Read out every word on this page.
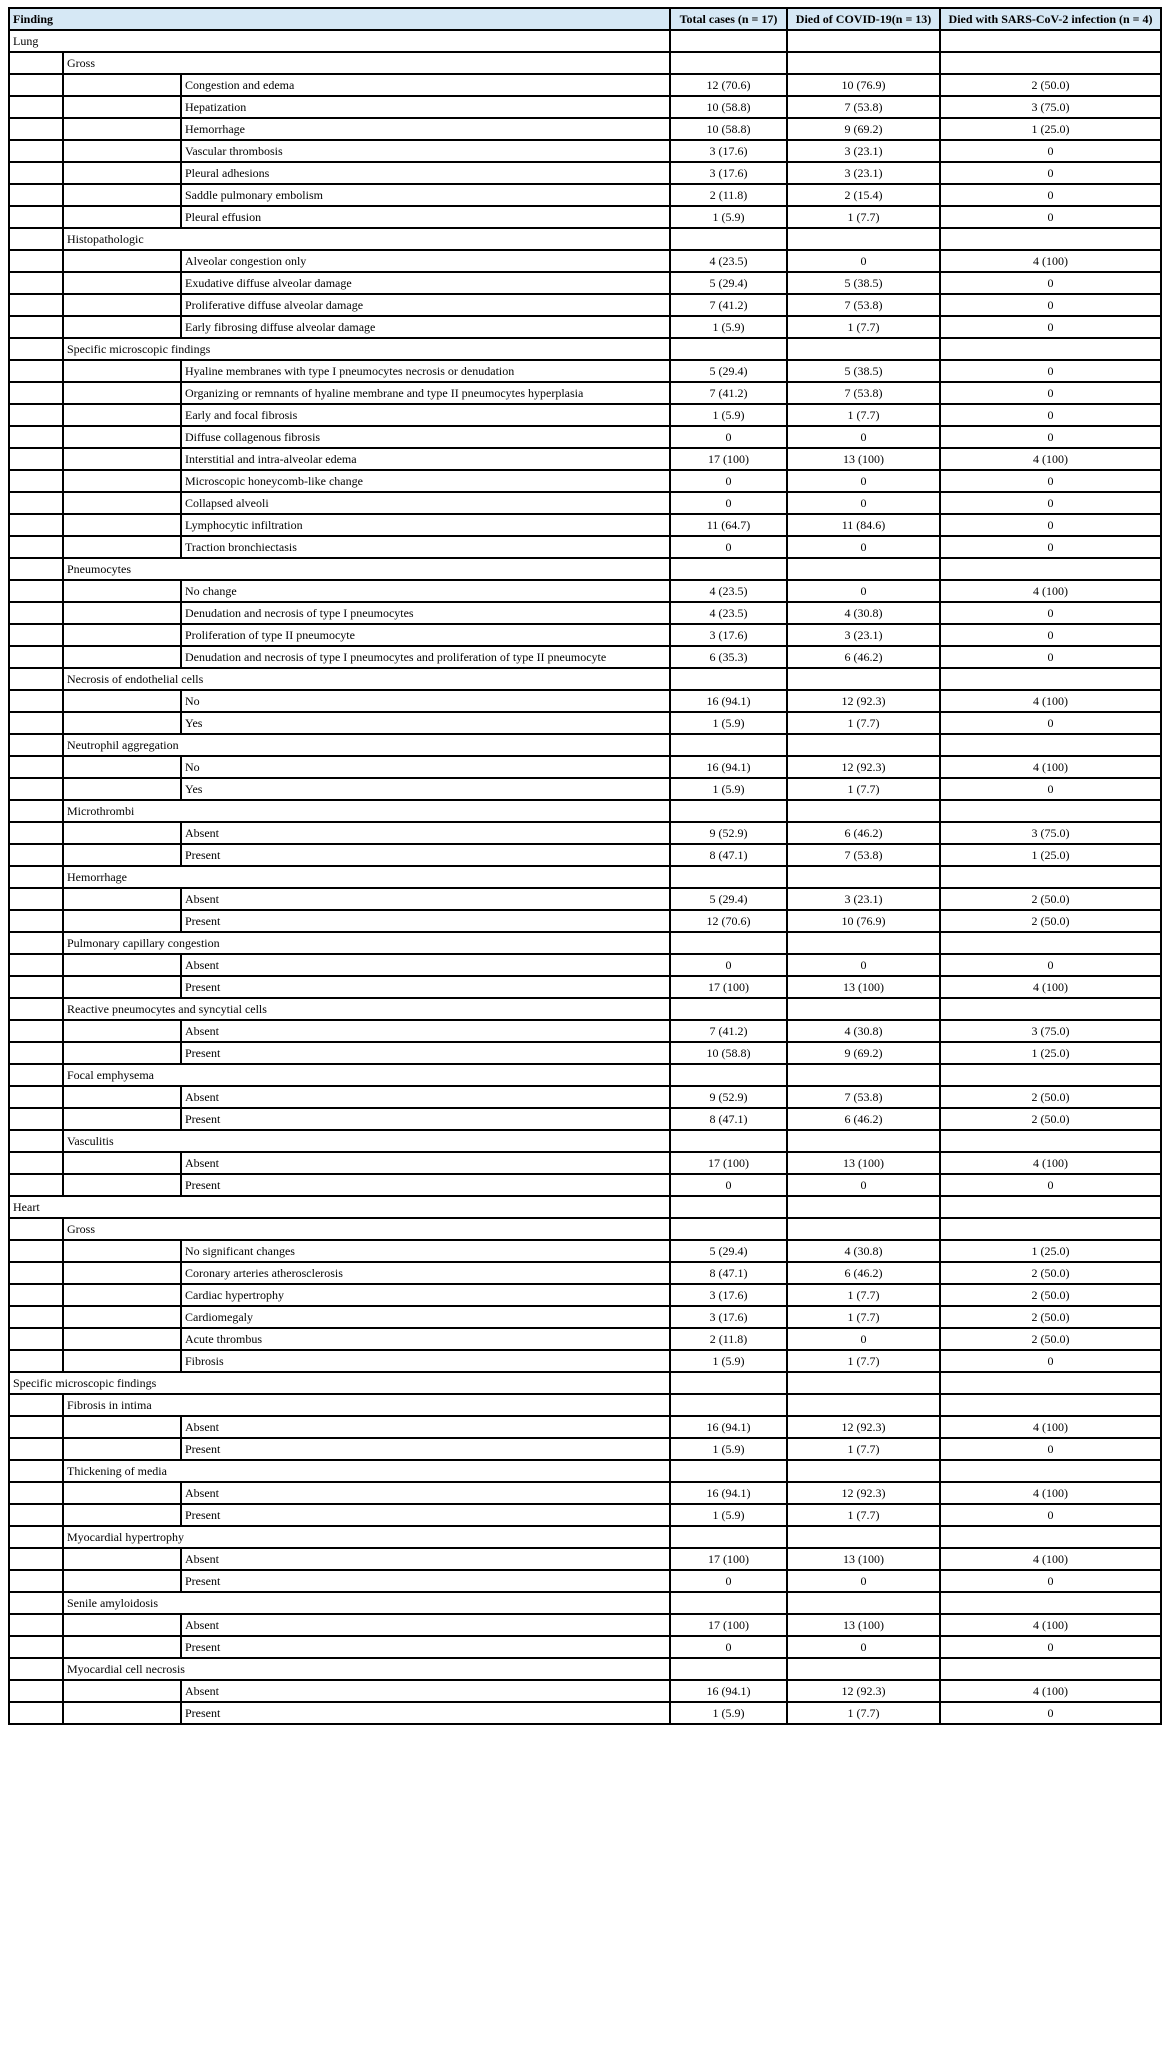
Finding			Total cases (n = 17)	Died of COVID-19(n = 13)	Died with SARS-CoV-2 infection (n = 4)
Lung					
	Gross				
		Congestion and edema	12 (70.6)	10 (76.9)	2 (50.0)
		Hepatization	10 (58.8)	7 (53.8)	3 (75.0)
		Hemorrhage	10 (58.8)	9 (69.2)	1 (25.0)
		Vascular thrombosis	3 (17.6)	3 (23.1)	0
		Pleural adhesions	3 (17.6)	3 (23.1)	0
		Saddle pulmonary embolism	2 (11.8)	2 (15.4)	0
		Pleural effusion	1 (5.9)	1 (7.7)	0
	Histopathologic				
		Alveolar congestion only	4 (23.5)	0	4 (100)
		Exudative diffuse alveolar damage	5 (29.4)	5 (38.5)	0
		Proliferative diffuse alveolar damage	7 (41.2)	7 (53.8)	0
		Early fibrosing diffuse alveolar damage	1 (5.9)	1 (7.7)	0
	Specific microscopic findings				
		Hyaline membranes with type I pneumocytes necrosis or denudation	5 (29.4)	5 (38.5)	0
		Organizing or remnants of hyaline membrane and type II pneumocytes hyperplasia	7 (41.2)	7 (53.8)	0
		Early and focal fibrosis	1 (5.9)	1 (7.7)	0
		Diffuse collagenous fibrosis	0	0	0
		Interstitial and intra-alveolar edema	17 (100)	13 (100)	4 (100)
		Microscopic honeycomb-like change	0	0	0
		Collapsed alveoli	0	0	0
		Lymphocytic infiltration	11 (64.7)	11 (84.6)	0
		Traction bronchiectasis	0	0	0
	Pneumocytes				
		No change	4 (23.5)	0	4 (100)
		Denudation and necrosis of type I pneumocytes	4 (23.5)	4 (30.8)	0
		Proliferation of type II pneumocyte	3 (17.6)	3 (23.1)	0
		Denudation and necrosis of type I pneumocytes and proliferation of type II pneumocyte	6 (35.3)	6 (46.2)	0
	Necrosis of endothelial cells				
		No	16 (94.1)	12 (92.3)	4 (100)
		Yes	1 (5.9)	1 (7.7)	0
	Neutrophil aggregation				
		No	16 (94.1)	12 (92.3)	4 (100)
		Yes	1 (5.9)	1 (7.7)	0
	Microthrombi				
		Absent	9 (52.9)	6 (46.2)	3 (75.0)
		Present	8 (47.1)	7 (53.8)	1 (25.0)
	Hemorrhage				
		Absent	5 (29.4)	3 (23.1)	2 (50.0)
		Present	12 (70.6)	10 (76.9)	2 (50.0)
	Pulmonary capillary congestion				
		Absent	0	0	0
		Present	17 (100)	13 (100)	4 (100)
	Reactive pneumocytes and syncytial cells				
		Absent	7 (41.2)	4 (30.8)	3 (75.0)
		Present	10 (58.8)	9 (69.2)	1 (25.0)
	Focal emphysema				
		Absent	9 (52.9)	7 (53.8)	2 (50.0)
		Present	8 (47.1)	6 (46.2)	2 (50.0)
	Vasculitis				
		Absent	17 (100)	13 (100)	4 (100)
		Present	0	0	0
Heart					
	Gross				
		No significant changes	5 (29.4)	4 (30.8)	1 (25.0)
		Coronary arteries atherosclerosis	8 (47.1)	6 (46.2)	2 (50.0)
		Cardiac hypertrophy	3 (17.6)	1 (7.7)	2 (50.0)
		Cardiomegaly	3 (17.6)	1 (7.7)	2 (50.0)
		Acute thrombus	2 (11.8)	0	2 (50.0)
		Fibrosis	1 (5.9)	1 (7.7)	0
Specific microscopic findings					
	Fibrosis in intima				
		Absent	16 (94.1)	12 (92.3)	4 (100)
		Present	1 (5.9)	1 (7.7)	0
	Thickening of media				
		Absent	16 (94.1)	12 (92.3)	4 (100)
		Present	1 (5.9)	1 (7.7)	0
	Myocardial hypertrophy				
		Absent	17 (100)	13 (100)	4 (100)
		Present	0	0	0
	Senile amyloidosis				
		Absent	17 (100)	13 (100)	4 (100)
		Present	0	0	0
	Myocardial cell necrosis				
		Absent	16 (94.1)	12 (92.3)	4 (100)
		Present	1 (5.9)	1 (7.7)	0
